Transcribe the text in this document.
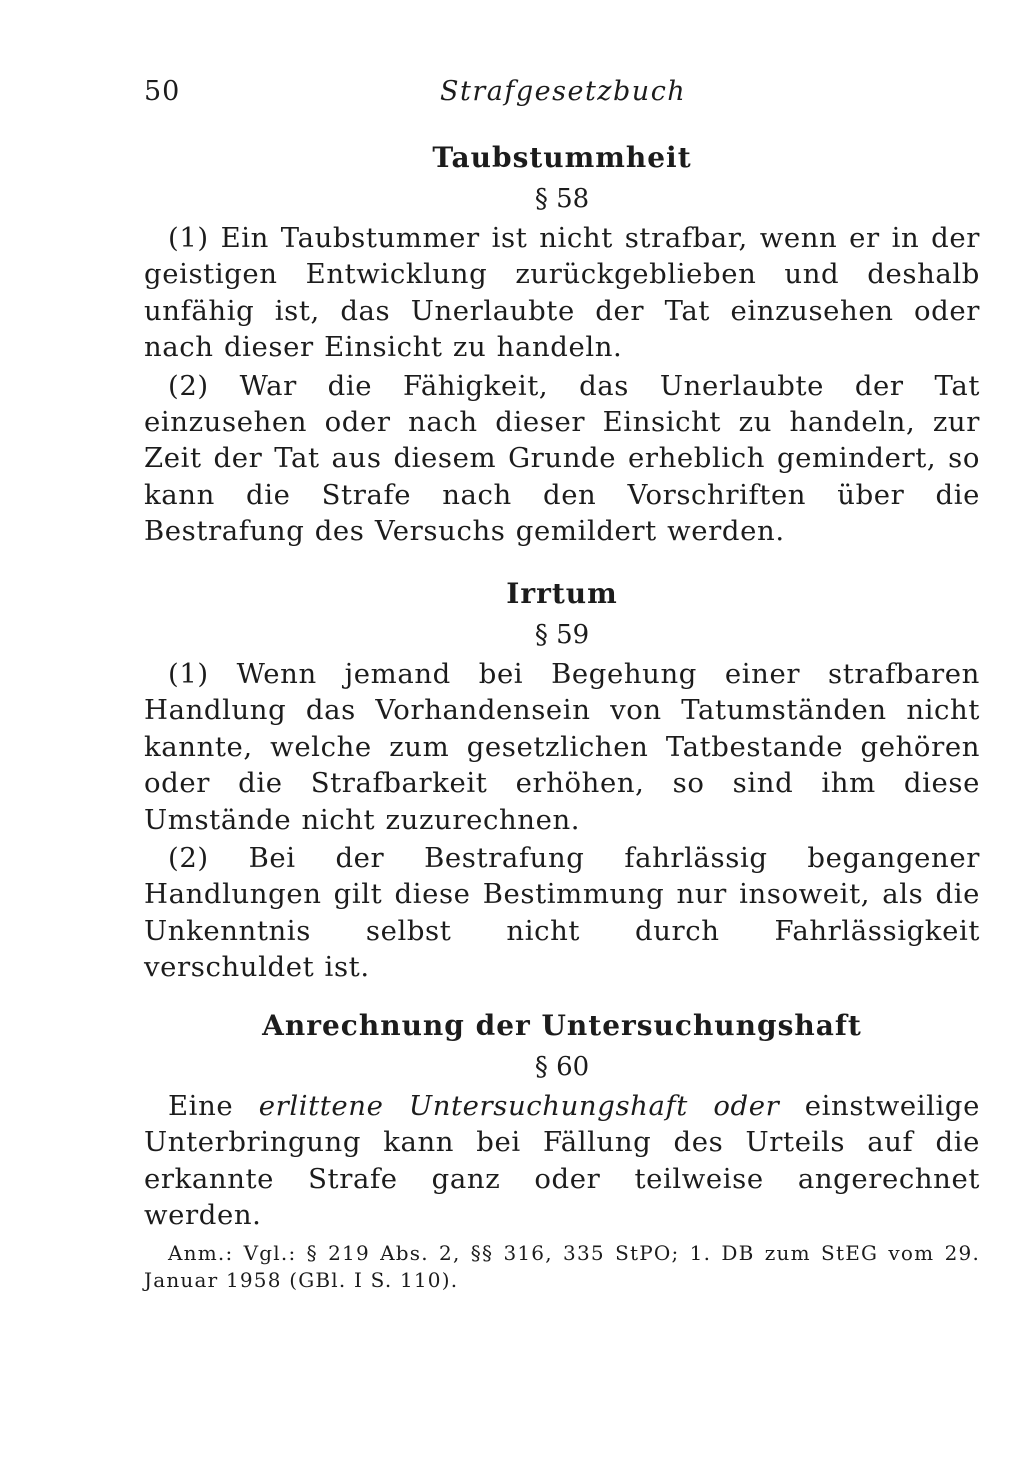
50	Strafgesetzbuch
Taubstummheit
§ 58

(1) Ein Taubstummer ist nicht strafbar, wenn er in der geistigen Entwicklung zurückgeblieben und deshalb unfähig ist, das Unerlaubte der Tat einzusehen oder nach dieser Einsicht zu handeln.

(2) War die Fähigkeit, das Unerlaubte der Tat einzusehen oder nach dieser Einsicht zu handeln, zur Zeit der Tat aus diesem Grunde erheblich gemindert, so kann die Strafe nach den Vorschriften über die Bestrafung des Versuchs gemildert werden.

Irrtum
§ 59

(1) Wenn jemand bei Begehung einer strafbaren Handlung das Vorhandensein von Tatumständen nicht kannte, welche zum gesetzlichen Tatbestande gehören oder die Strafbarkeit erhöhen, so sind ihm diese Umstände nicht zuzurechnen.

(2) Bei der Bestrafung fahrlässig begangener Handlungen gilt diese Bestimmung nur insoweit, als die Unkenntnis selbst nicht durch Fahrlässigkeit verschuldet ist.

Anrechnung der Untersuchungshaft
§ 60

Eine erlittene Untersuchungshaft oder einstweilige Unterbringung kann bei Fällung des Urteils auf die erkannte Strafe ganz oder teilweise angerechnet werden.

Anm.: Vgl.: § 219 Abs. 2, §§ 316, 335 StPO; 1. DB zum StEG vom 29. Januar 1958 (GBl. I S. 110).
